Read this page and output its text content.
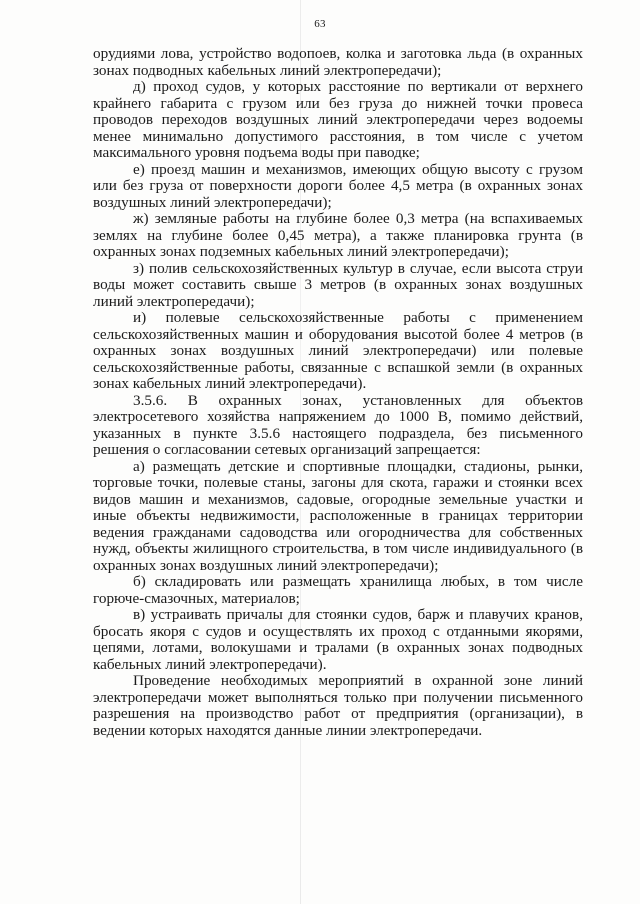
63

орудиями лова, устройство водопоев, колка и заготовка льда (в охранных зонах подводных кабельных линий электропередачи);

д) проход судов, у которых расстояние по вертикали от верхнего крайнего габарита с грузом или без груза до нижней точки провеса проводов переходов воздушных линий электропередачи через водоемы менее минимально допустимого расстояния, в том числе с учетом максимального уровня подъема воды при паводке;

е) проезд машин и механизмов, имеющих общую высоту с грузом или без груза от поверхности дороги более 4,5 метра (в охранных зонах воздушных линий электропередачи);

ж) земляные работы на глубине более 0,3 метра (на вспахиваемых землях на глубине более 0,45 метра), а также планировка грунта (в охранных зонах подземных кабельных линий электропередачи);

з) полив сельскохозяйственных культур в случае, если высота струи воды может составить свыше 3 метров (в охранных зонах воздушных линий электропередачи);

и) полевые сельскохозяйственные работы с применением сельскохозяйственных машин и оборудования высотой более 4 метров (в охранных зонах воздушных линий электропередачи) или полевые сельскохозяйственные работы, связанные с вспашкой земли (в охранных зонах кабельных линий электропередачи).

3.5.6. В охранных зонах, установленных для объектов электросетевого хозяйства напряжением до 1000 В, помимо действий, указанных в пункте 3.5.6 настоящего подраздела, без письменного решения о согласовании сетевых организаций запрещается:

а) размещать детские и спортивные площадки, стадионы, рынки, торговые точки, полевые станы, загоны для скота, гаражи и стоянки всех видов машин и механизмов, садовые, огородные земельные участки и иные объекты недвижимости, расположенные в границах территории ведения гражданами садоводства или огородничества для собственных нужд, объекты жилищного строительства, в том числе индивидуального (в охранных зонах воздушных линий электропередачи);

б) складировать или размещать хранилища любых, в том числе горюче-смазочных, материалов;

в) устраивать причалы для стоянки судов, барж и плавучих кранов, бросать якоря с судов и осуществлять их проход с отданными якорями, цепями, лотами, волокушами и тралами (в охранных зонах подводных кабельных линий электропередачи).

Проведение необходимых мероприятий в охранной зоне линий электропередачи может выполняться только при получении письменного разрешения на производство работ от предприятия (организации), в ведении которых находятся данные линии электропередачи.
